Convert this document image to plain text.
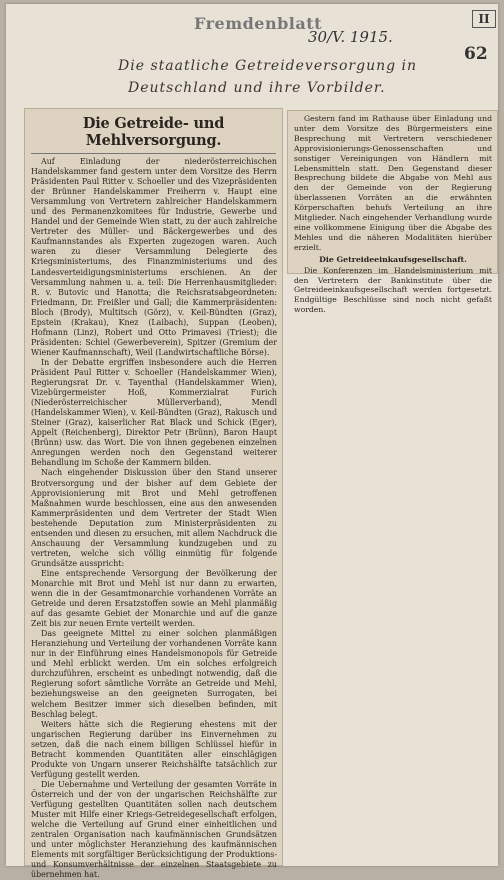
Fremdenblatt
30/V. 1915.
II
62
Die staatliche Getreideversorgung in
Deutschland und ihre Vorbilder.
Die Getreide- und Mehlversorgung.

Auf Einladung der niederösterreichischen Handelskammer fand gestern unter dem Vorsitze des Herrn Präsidenten Paul Ritter v. Schoeller und des Vizepräsidenten der Brünner Handelskammer Freiherrn v. Haupt eine Versammlung von Vertretern zahlreicher Handelskammern und des Permanenzkomitees für Industrie, Gewerbe und Handel und der Gemeinde Wien statt, zu der auch zahlreiche Vertreter des Müller- und Bäckergewerbes und des Kaufmannstandes als Experten zugezogen waren. Auch waren zu dieser Versammlung Delegierte des Kriegsministeriums, des Finanzministeriums und des Landesverteidigungsministeriums erschienen. An der Versammlung nahmen u. a. teil: Die Herrenhausmitglieder: R. v. Butovic und Hanotta; die Reichsratsabgeordneten: Friedmann, Dr. Freißler und Gall; die Kammerpräsidenten: Bloch (Brody), Multitsch (Görz), v. Keil-Bündten (Graz), Epstein (Krakau), Knez (Laibach), Suppan (Leoben), Hofmann (Linz), Robert und Otto Primavesi (Triest); die Präsidenten: Schiel (Gewerbeverein), Spitzer (Gremium der Wiener Kaufmannschaft), Weil (Landwirtschaftliche Börse).

In der Debatte ergriffen insbesondere auch die Herren Präsident Paul Ritter v. Schoeller (Handelskammer Wien), Regierungsrat Dr. v. Tayenthal (Handelskammer Wien), Vizebürgermeister Hoß, Kommerzialrat Furich (Niederösterreichischer Müllerverband), Mendl (Handelskammer Wien), v. Keil-Bündten (Graz), Rakusch und Steiner (Graz), kaiserlicher Rat Black und Schick (Eger), Appelt (Reichenberg), Direktor Petr (Brünn), Baron Haupt (Brünn) usw. das Wort. Die von ihnen gegebenen einzelnen Anregungen werden noch den Gegenstand weiterer Behandlung im Schoße der Kammern bilden.

Nach eingehender Diskussion über den Stand unserer Brotversorgung und der bisher auf dem Gebiete der Approvisionierung mit Brot und Mehl getroffenen Maßnahmen wurde beschlossen, eine aus den anwesenden Kammerpräsidenten und dem Vertreter der Stadt Wien bestehende Deputation zum Ministerpräsidenten zu entsenden und diesen zu ersuchen, mit allem Nachdruck die Anschauung der Versammlung kundzugeben und zu vertreten, welche sich völlig einmütig für folgende Grundsätze ausspricht:

Eine entsprechende Versorgung der Bevölkerung der Monarchie mit Brot und Mehl ist nur dann zu erwarten, wenn die in der Gesamtmonarchie vorhandenen Vorräte an Getreide und deren Ersatzstoffen sowie an Mehl planmäßig auf das gesamte Gebiet der Monarchie und auf die ganze Zeit bis zur neuen Ernte verteilt werden.

Das geeignete Mittel zu einer solchen planmäßigen Heranziehung und Verteilung der vorhandenen Vorräte kann nur in der Einführung eines Handelsmonopols für Getreide und Mehl erblickt werden. Um ein solches erfolgreich durchzuführen, erscheint es unbedingt notwendig, daß die Regierung sofort sämtliche Vorräte an Getreide und Mehl, beziehungsweise an den geeigneten Surrogaten, bei welchem Besitzer immer sich dieselben befinden, mit Beschlag belegt.

Weiters hätte sich die Regierung ehestens mit der ungarischen Regierung darüber ins Einvernehmen zu setzen, daß die nach einem billigen Schlüssel hiefür in Betracht kommenden Quantitäten aller einschlägigen Produkte von Ungarn unserer Reichshälfte tatsächlich zur Verfügung gestellt werden.

Die Uebernahme und Verteilung der gesamten Vorräte in Österreich und der von der ungarischen Reichshälfte zur Verfügung gestellten Quantitäten sollen nach deutschem Muster mit Hilfe einer Kriegs-Getreidegesellschaft erfolgen, welche die Verteilung auf Grund einer einheitlichen und zentralen Organisation nach kaufmännischen Grundsätzen und unter möglichster Heranziehung des kaufmännischen Elements mit sorgfältiger Berücksichtigung der Produktions- und Konsumverhältnisse der einzelnen Staatsgebiete zu übernehmen hat.

Gestern fand im Rathause über Einladung und unter dem Vorsitze des Bürgermeisters eine Besprechung mit Vertretern verschiedener Approvisionierungs-Genossenschaften und sonstiger Vereinigungen von Händlern mit Lebensmitteln statt. Den Gegenstand dieser Besprechung bildete die Abgabe von Mehl aus den der Gemeinde von der Regierung überlassenen Vorräten an die erwähnten Körperschaften behufs Verteilung an ihre Mitglieder. Nach eingehender Verhandlung wurde eine vollkommene Einigung über die Abgabe des Mehles und die näheren Modalitäten hierüber erzielt.

Die Getreideeinkaufsgesellschaft.

Die Konferenzen im Handelsministerium mit den Vertretern der Bankinstitute über die Getreideeinkaufsgesellschaft werden fortgesetzt. Endgültige Beschlüsse sind noch nicht gefaßt worden.
